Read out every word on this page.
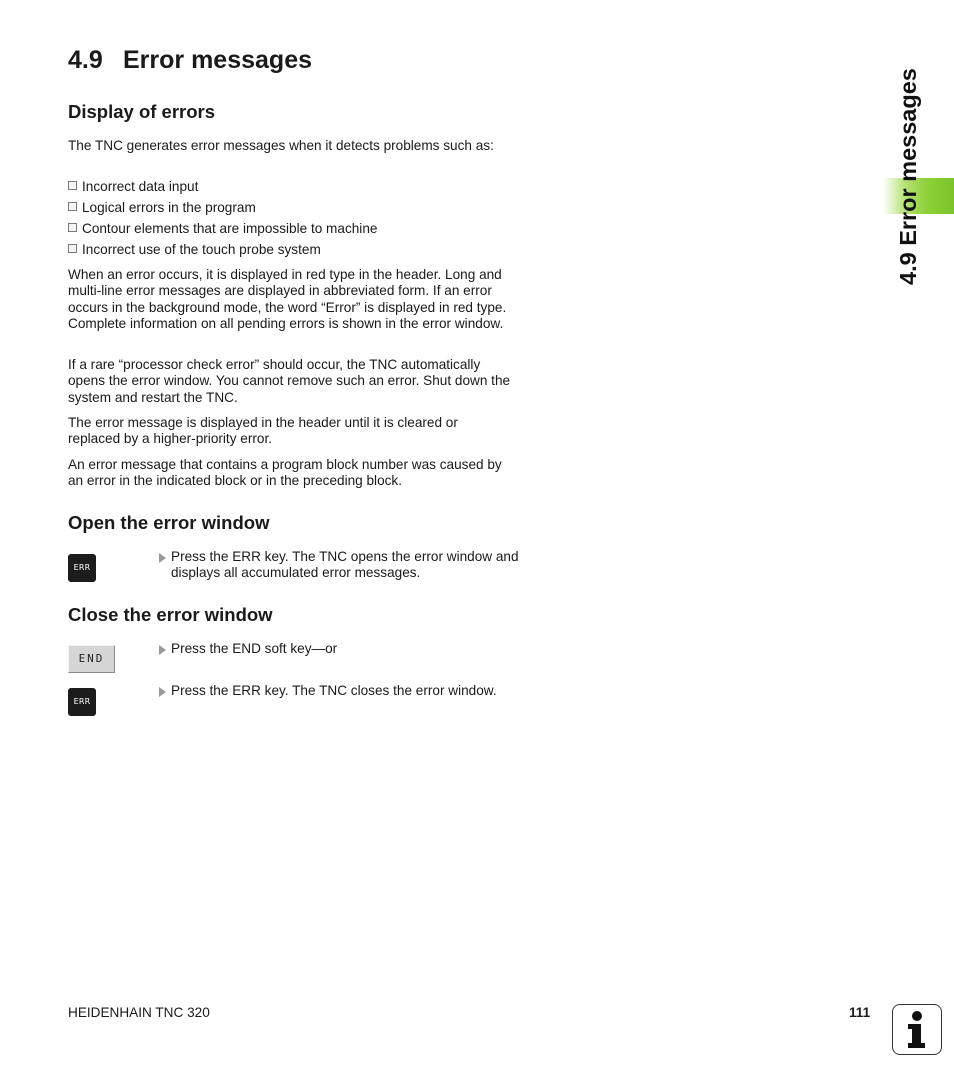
4.9 Error messages
Display of errors

The TNC generates error messages when it detects problems such as:

Incorrect data input
Logical errors in the program
Contour elements that are impossible to machine
Incorrect use of the touch probe system

When an error occurs, it is displayed in red type in the header. Long and multi-line error messages are displayed in abbreviated form. If an error occurs in the background mode, the word “Error” is displayed in red type. Complete information on all pending errors is shown in the error window.

If a rare “processor check error” should occur, the TNC automatically opens the error window. You cannot remove such an error. Shut down the system and restart the TNC.

The error message is displayed in the header until it is cleared or replaced by a higher-priority error.

An error message that contains a program block number was caused by an error in the indicated block or in the preceding block.

Open the error window
ERR
Press the ERR key. The TNC opens the error window and displays all accumulated error messages.
Close the error window
END
Press the END soft key—or
ERR
Press the ERR key. The TNC closes the error window.
4.9 Error messages
HEIDENHAIN TNC 320	111
